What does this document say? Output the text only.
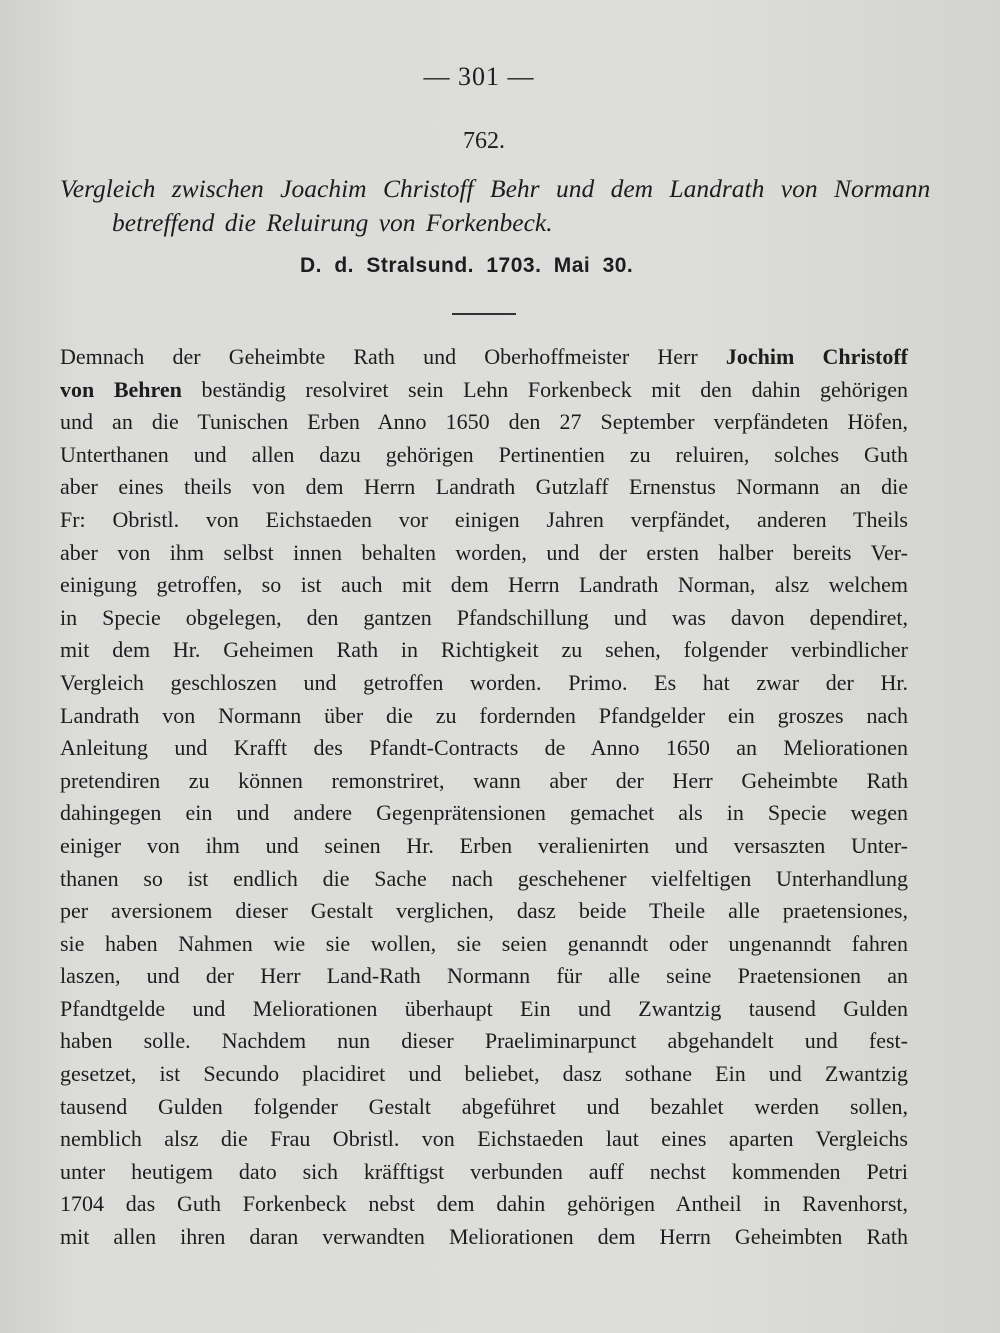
— 301 —
762.
Vergleich zwischen Joachim Christoff Behr und dem Landrath von Normann
betreffend die Reluirung von Forkenbeck.
D. d. Stralsund. 1703. Mai 30.
Demnach der Geheimbte Rath und Oberhoffmeister Herr Jochim Christoff
von Behren beständig resolviret sein Lehn Forkenbeck mit den dahin gehörigen
und an die Tunischen Erben Anno 1650 den 27 September verpfändeten Höfen,
Unterthanen und allen dazu gehörigen Pertinentien zu reluiren, solches Guth
aber eines theils von dem Herrn Landrath Gutzlaff Ernenstus Normann an die
Fr: Obristl. von Eichstaeden vor einigen Jahren verpfändet, anderen Theils
aber von ihm selbst innen behalten worden, und der ersten halber bereits Ver-
einigung getroffen, so ist auch mit dem Herrn Landrath Norman, alsz welchem
in Specie obgelegen, den gantzen Pfandschillung und was davon dependiret,
mit dem Hr. Geheimen Rath in Richtigkeit zu sehen, folgender verbindlicher
Vergleich geschloszen und getroffen worden. Primo. Es hat zwar der Hr.
Landrath von Normann über die zu fordernden Pfandgelder ein groszes nach
Anleitung und Krafft des Pfandt-Contracts de Anno 1650 an Meliorationen
pretendiren zu können remonstriret, wann aber der Herr Geheimbte Rath
dahingegen ein und andere Gegenprätensionen gemachet als in Specie wegen
einiger von ihm und seinen Hr. Erben veralienirten und versaszten Unter-
thanen so ist endlich die Sache nach geschehener vielfeltigen Unterhandlung
per aversionem dieser Gestalt verglichen, dasz beide Theile alle praetensiones,
sie haben Nahmen wie sie wollen, sie seien genanndt oder ungenanndt fahren
laszen, und der Herr Land-Rath Normann für alle seine Praetensionen an
Pfandtgelde und Meliorationen überhaupt Ein und Zwantzig tausend Gulden
haben solle. Nachdem nun dieser Praeliminarpunct abgehandelt und fest-
gesetzet, ist Secundo placidiret und beliebet, dasz sothane Ein und Zwantzig
tausend Gulden folgender Gestalt abgeführet und bezahlet werden sollen,
nemblich alsz die Frau Obristl. von Eichstaeden laut eines aparten Vergleichs
unter heutigem dato sich kräfftigst verbunden auff nechst kommenden Petri
1704 das Guth Forkenbeck nebst dem dahin gehörigen Antheil in Ravenhorst,
mit allen ihren daran verwandten Meliorationen dem Herrn Geheimbten Rath
